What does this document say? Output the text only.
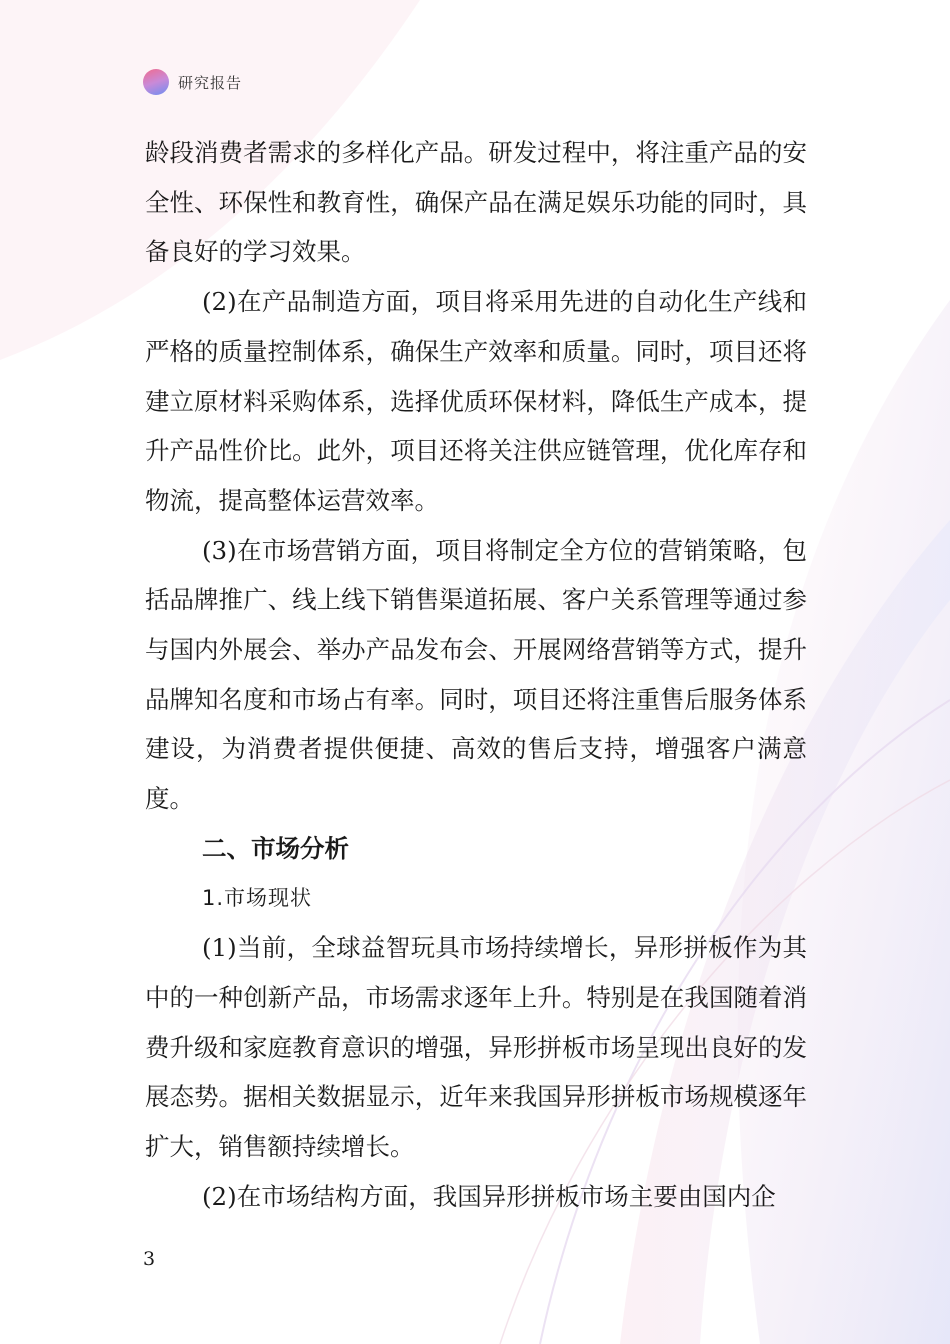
研究报告

龄段消费者需求的多样化产品。研发过程中，将注重产品的安全性、环保性和教育性，确保产品在满足娱乐功能的同时，具备良好的学习效果。

(2)在产品制造方面，项目将采用先进的自动化生产线和严格的质量控制体系，确保生产效率和质量。同时，项目还将建立原材料采购体系，选择优质环保材料，降低生产成本，提升产品性价比。此外，项目还将关注供应链管理，优化库存和物流，提高整体运营效率。

(3)在市场营销方面，项目将制定全方位的营销策略，包括品牌推广、线上线下销售渠道拓展、客户关系管理等通过参与国内外展会、举办产品发布会、开展网络营销等方式，提升品牌知名度和市场占有率。同时，项目还将注重售后服务体系建设，为消费者提供便捷、高效的售后支持，增强客户满意度。

二、市场分析

1.市场现状

(1)当前，全球益智玩具市场持续增长，异形拼板作为其中的一种创新产品，市场需求逐年上升。特别是在我国随着消费升级和家庭教育意识的增强，异形拼板市场呈现出良好的发展态势。据相关数据显示，近年来我国异形拼板市场规模逐年扩大，销售额持续增长。

(2)在市场结构方面，我国异形拼板市场主要由国内企

3
